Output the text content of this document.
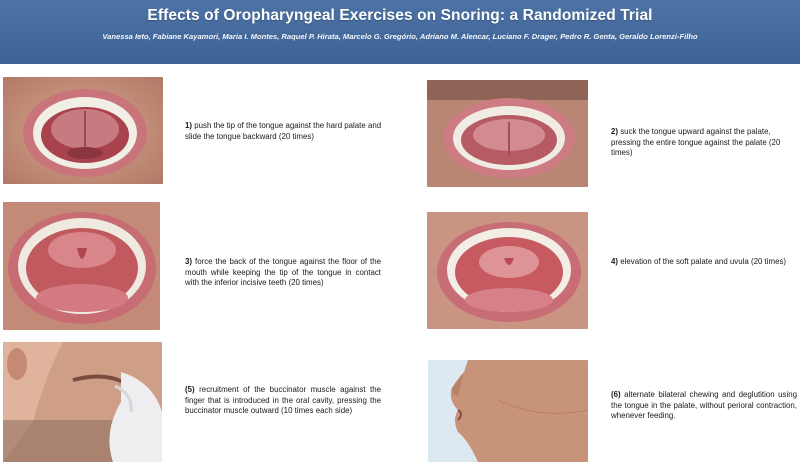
Effects of Oropharyngeal Exercises on Snoring: a Randomized Trial
Vanessa Ieto, Fabiane Kayamori, Maria I. Montes, Raquel P. Hirata, Marcelo G. Gregório, Adriano M. Alencar, Luciano F. Drager, Pedro R. Genta, Geraldo Lorenzi-Filho
1) push the tip of the tongue against the hard palate and slide the tongue backward (20 times)
2) suck the tongue upward against the palate, pressing the entire tongue against the palate (20 times)
3) force the back of the tongue against the floor of the mouth while keeping the tip of the tongue in contact with the inferior incisive teeth (20 times)
4) elevation of the soft palate and uvula (20 times)
(5) recruitment of the buccinator muscle against the finger that is introduced in the oral cavity, pressing the buccinator muscle outward (10 times each side)
(6) alternate bilateral chewing and deglutition using the tongue in the palate, without perioral contraction, whenever feeding.
